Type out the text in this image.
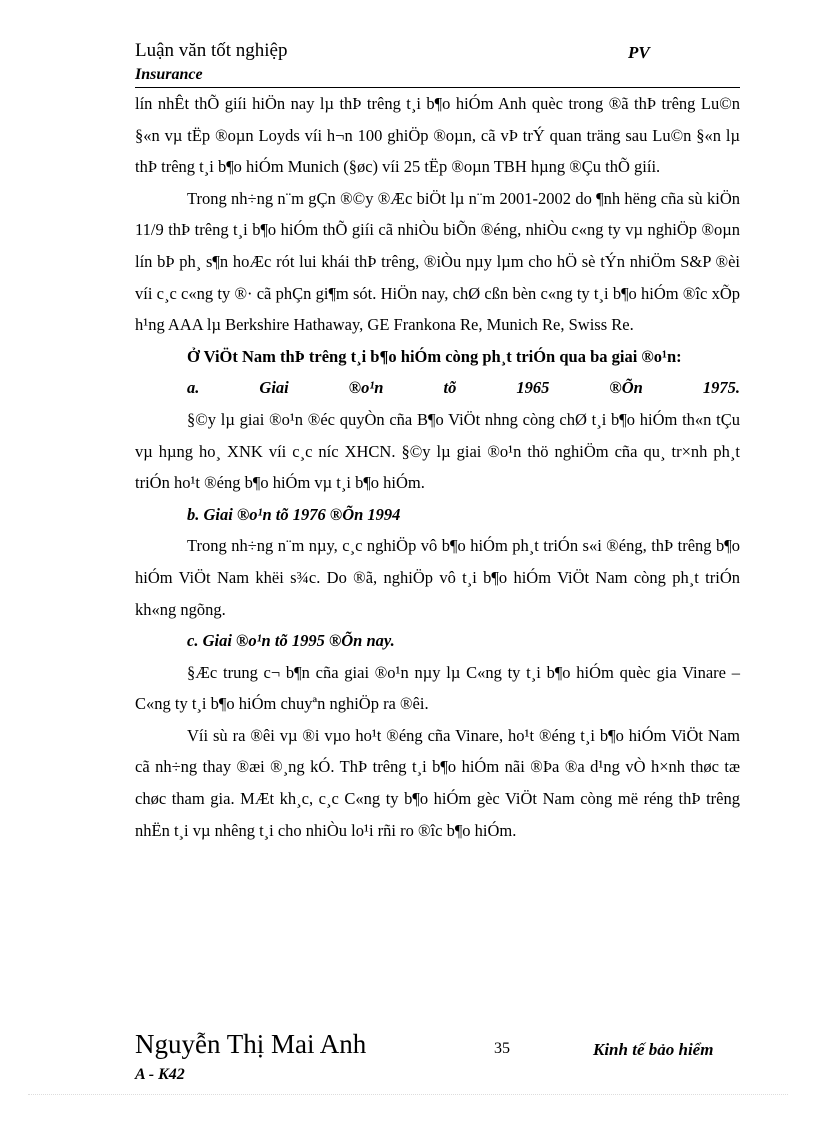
Luận văn tốt nghiệp
Insurance
PV

lín nhÊt thÕ giíi hiÖn nay lµ thÞ trêng t¸i b¶o hiÓm Anh quèc trong ®ã thÞ trêng Lu©n §«n vµ tËp ®oµn Loyds víi h¬n 100 ghiÖp ®oµn, cã vÞ trÝ quan träng sau Lu©n §«n lµ thÞ trêng t¸i b¶o hiÓm Munich (§øc) víi 25 tËp ®oµn TBH hµng ®Çu thÕ giíi.

Trong nh÷ng n¨m gÇn ®©y ®Æc biÖt lµ n¨m 2001-2002 do ¶nh hëng cña sù kiÖn 11/9 thÞ trêng t¸i b¶o hiÓm thÕ giíi cã nhiÒu biÕn ®éng, nhiÒu c«ng ty vµ nghiÖp ®oµn lín bÞ ph¸ s¶n hoÆc rót lui khái thÞ trêng, ®iÒu nµy lµm cho hÖ sè tÝn nhiÖm S&P ®èi víi c¸c c«ng ty ®· cã phÇn gi¶m sót. HiÖn nay, chØ cßn bèn c«ng ty t¸i b¶o hiÓm ®îc xÕp h¹ng AAA lµ Berkshire Hathaway, GE Frankona Re, Munich Re, Swiss Re.

Ở ViÖt Nam thÞ trêng t¸i b¶o hiÓm còng ph¸t triÓn qua ba giai ®o¹n:

a. Giai ®o¹n tõ 1965 ®Õn 1975.

§©y lµ giai ®o¹n ®éc quyÒn cña B¶o ViÖt nhng còng chØ t¸i b¶o hiÓm th«n tÇu vµ hµng ho¸ XNK víi c¸c níc XHCN. §©y lµ giai ®o¹n thö nghiÖm cña qu¸ tr×nh ph¸t triÓn ho¹t ®éng b¶o hiÓm vµ t¸i b¶o hiÓm.

b. Giai ®o¹n tõ 1976 ®Õn 1994

Trong nh÷ng n¨m nµy, c¸c nghiÖp vô b¶o hiÓm ph¸t triÓn s«i ®éng, thÞ trêng b¶o hiÓm ViÖt Nam khëi s¾c. Do ®ã, nghiÖp vô t¸i b¶o hiÓm ViÖt Nam còng ph¸t triÓn kh«ng ngõng.

c. Giai ®o¹n tõ 1995 ®Õn nay.

§Æc trung c¬ b¶n cña giai ®o¹n nµy lµ C«ng ty t¸i b¶o hiÓm quèc gia Vinare – C«ng ty t¸i b¶o hiÓm chuyªn nghiÖp ra ®êi.

Víi sù ra ®êi vµ ®i vµo ho¹t ®éng cña Vinare, ho¹t ®éng t¸i b¶o hiÓm ViÖt Nam cã nh÷ng thay ®æi ®¸ng kÓ. ThÞ trêng t¸i b¶o hiÓm nãi ®Þa ®a d¹ng vÒ h×nh thøc tæ chøc tham gia. MÆt kh¸c, c¸c C«ng ty b¶o hiÓm gèc ViÖt Nam còng më réng thÞ trêng nhËn t¸i vµ nhêng t¸i cho nhiÒu lo¹i rñi ro ®îc b¶o hiÓm.

Nguyễn Thị Mai Anh
A - K42
35	Kinh tế bảo hiểm
